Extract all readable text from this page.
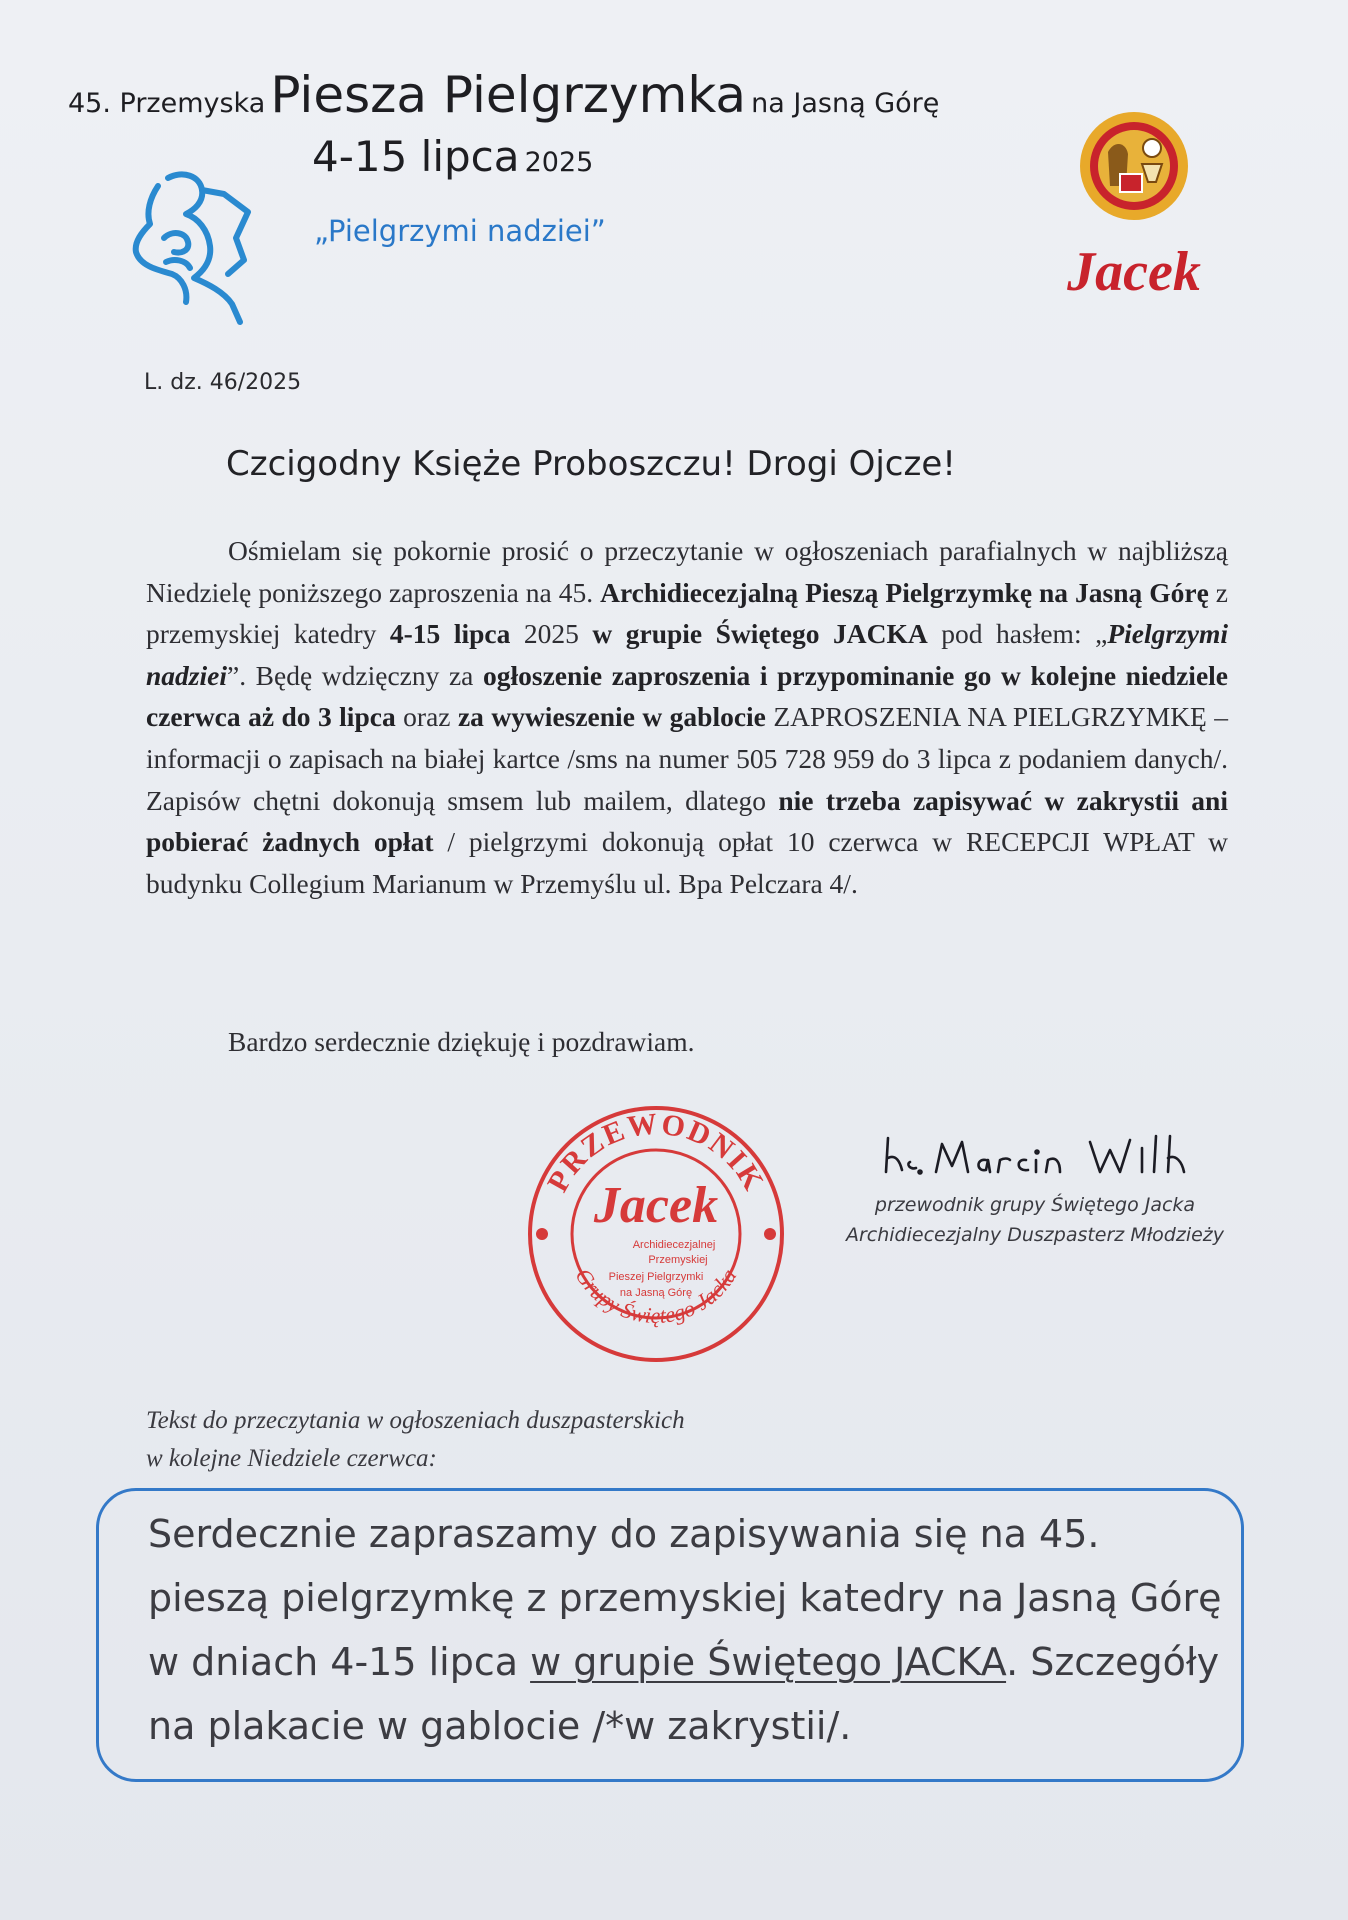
45. Przemyska Piesza Pielgrzymka na Jasną Górę
4-15 lipca 2025
„Pielgrzymi nadziei”
Jacek
L. dz. 46/2025
Czcigodny Księże Proboszczu! Drogi Ojcze!
Ośmielam się pokornie prosić o przeczytanie w ogłoszeniach parafialnych w najbliższą Niedzielę poniższego zaproszenia na 45. Archidiecezjalną Pieszą Pielgrzymkę na Jasną Górę z przemyskiej katedry 4-15 lipca 2025 w grupie Świętego JACKA pod hasłem: „Pielgrzymi nadziei”. Będę wdzięczny za ogłoszenie zaproszenia i przypominanie go w kolejne niedziele czerwca aż do 3 lipca oraz za wywieszenie w gablocie ZAPROSZENIA NA PIELGRZYMKĘ – informacji o zapisach na białej kartce /sms na numer 505 728 959 do 3 lipca z podaniem danych/. Zapisów chętni dokonują smsem lub mailem, dlatego nie trzeba zapisywać w zakrystii ani pobierać żadnych opłat / pielgrzymi dokonują opłat 10 czerwca w RECEPCJI WPŁAT w budynku Collegium Marianum w Przemyślu ul. Bpa Pelczara 4/.
Bardzo serdecznie dziękuję i pozdrawiam.
PRZEWODNIK
Grupy Świętego Jacka
Jacek
Archidiecezjalnej
Przemyskiej
Pieszej Pielgrzymki
na Jasną Górę
przewodnik grupy Świętego Jacka
Archidiecezjalny Duszpasterz Młodzieży
Tekst do przeczytania w ogłoszeniach duszpasterskich
w kolejne Niedziele czerwca:
Serdecznie zapraszamy do zapisywania się na 45. pieszą pielgrzymkę z przemyskiej katedry na Jasną Górę w dniach 4-15 lipca w grupie Świętego JACKA. Szczegóły na plakacie w gablocie /*w zakrystii/.
